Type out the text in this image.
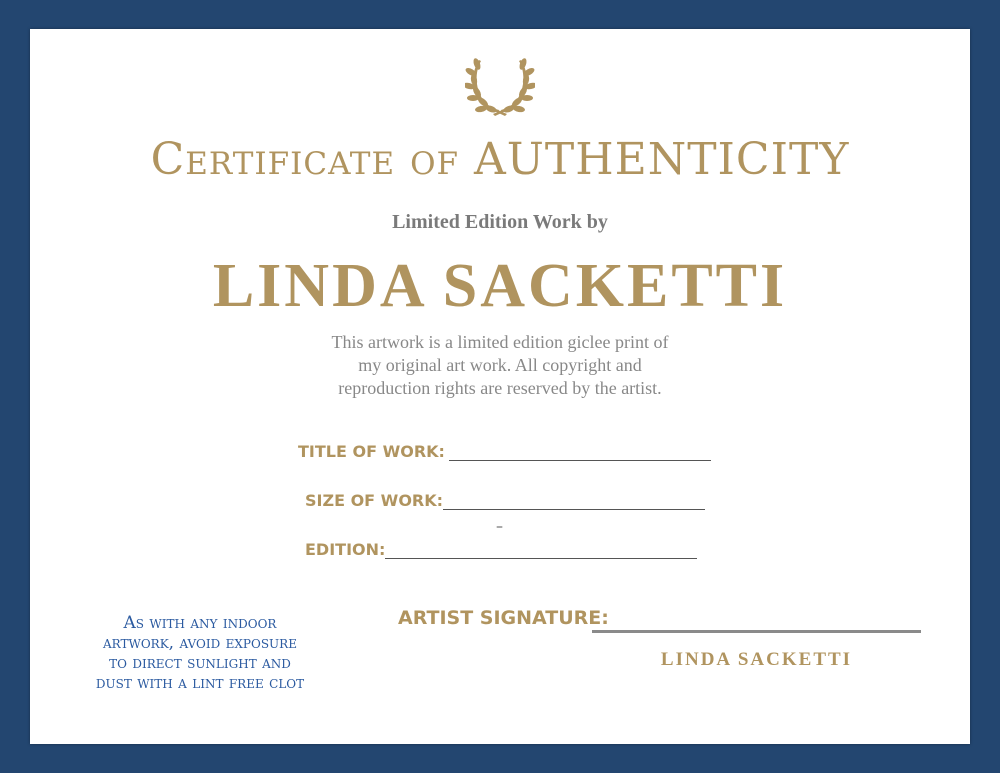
Certificate of AUTHENTICITY
Limited Edition Work by
LINDA SACKETTI
This artwork is a limited edition giclee print of
my original art work. All copyright and
reproduction rights are reserved by the artist.
TITLE OF WORK:
SIZE OF WORK:
–
EDITION:
As with any indoor
artwork, avoid exposure
to direct sunlight and
dust with a lint free clot
ARTIST SIGNATURE:
LINDA SACKETTI
